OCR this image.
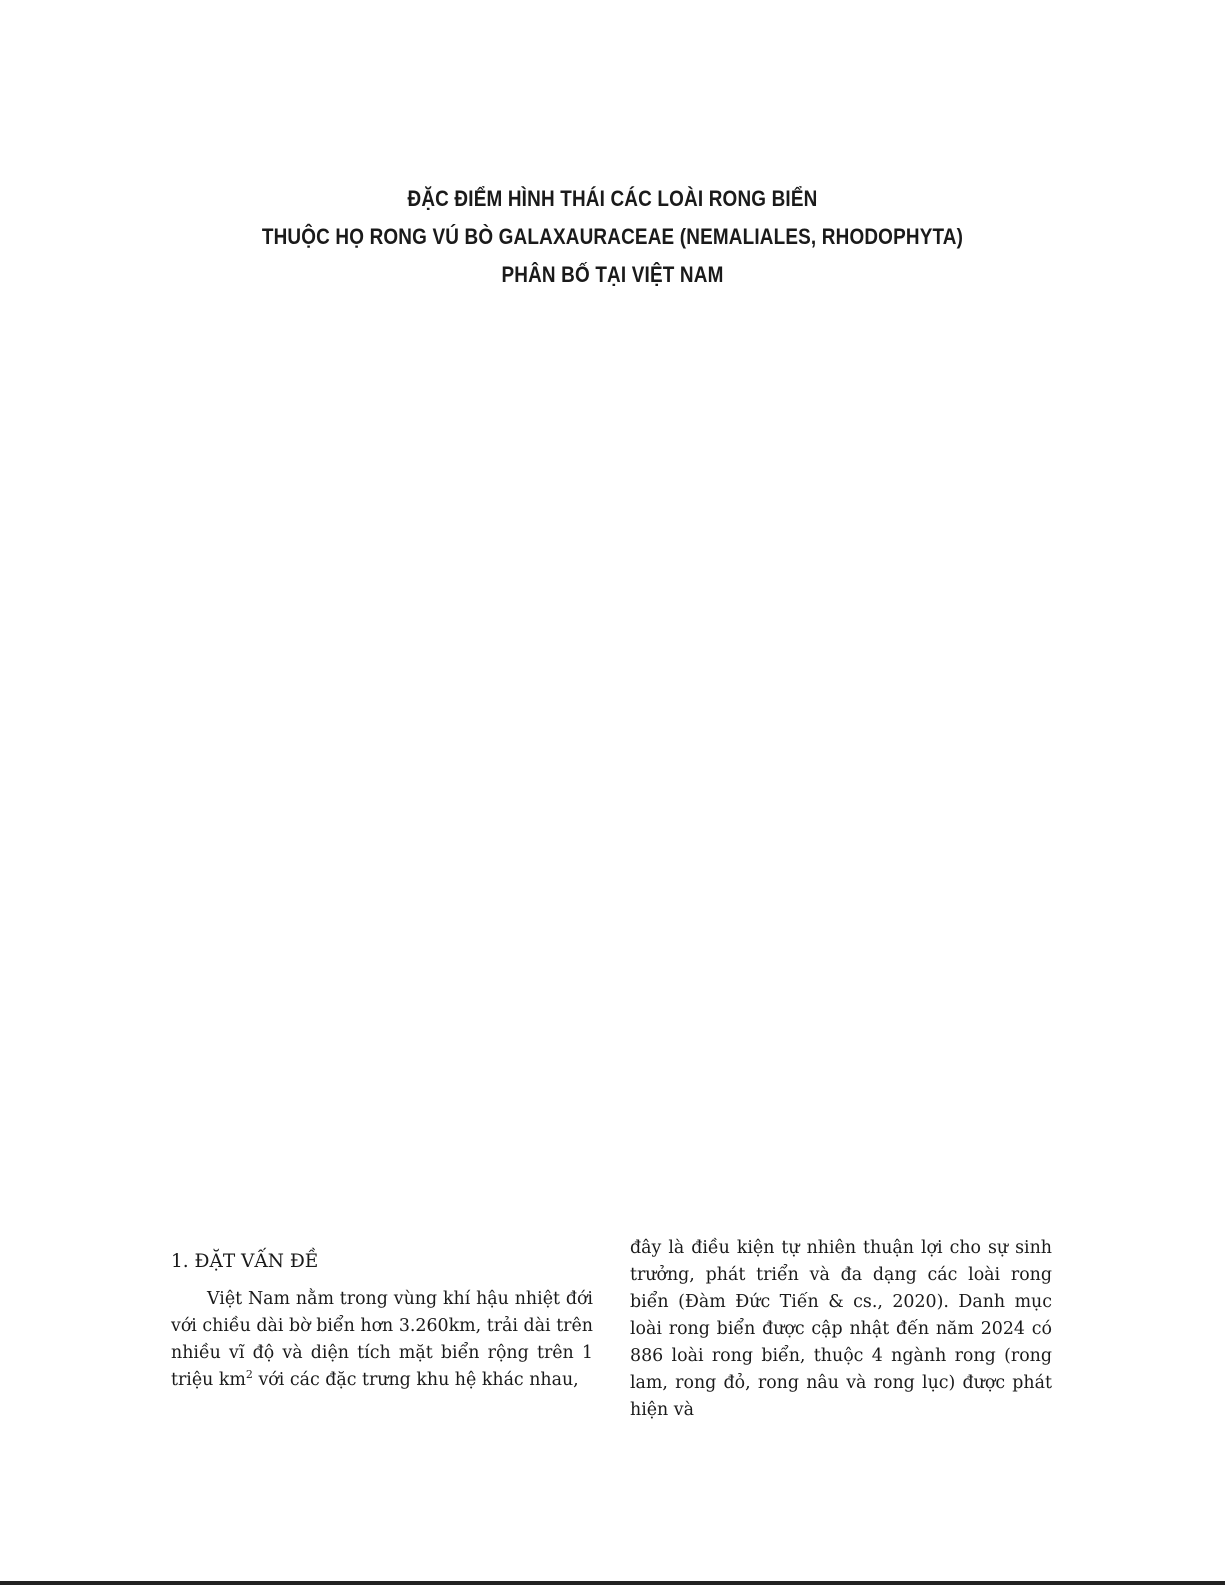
ĐẶC ĐIỂM HÌNH THÁI CÁC LOÀI RONG BIỂN
THUỘC HỌ RONG VÚ BÒ GALAXAURACEAE (NEMALIALES, RHODOPHYTA)
PHÂN BỐ TẠI VIỆT NAM
1. ĐẶT VẤN ĐỀ

Việt Nam nằm trong vùng khí hậu nhiệt đới với chiều dài bờ biển hơn 3.260km, trải dài trên nhiều vĩ độ và diện tích mặt biển rộng trên 1 triệu $km^2$ với các đặc trưng khu hệ khác nhau,

đây là điều kiện tự nhiên thuận lợi cho sự sinh trưởng, phát triển và đa dạng các loài rong biển (Đàm Đức Tiến & cs., 2020). Danh mục loài rong biển được cập nhật đến năm 2024 có 886 loài rong biển, thuộc 4 ngành rong (rong lam, rong đỏ, rong nâu và rong lục) được phát hiện và
